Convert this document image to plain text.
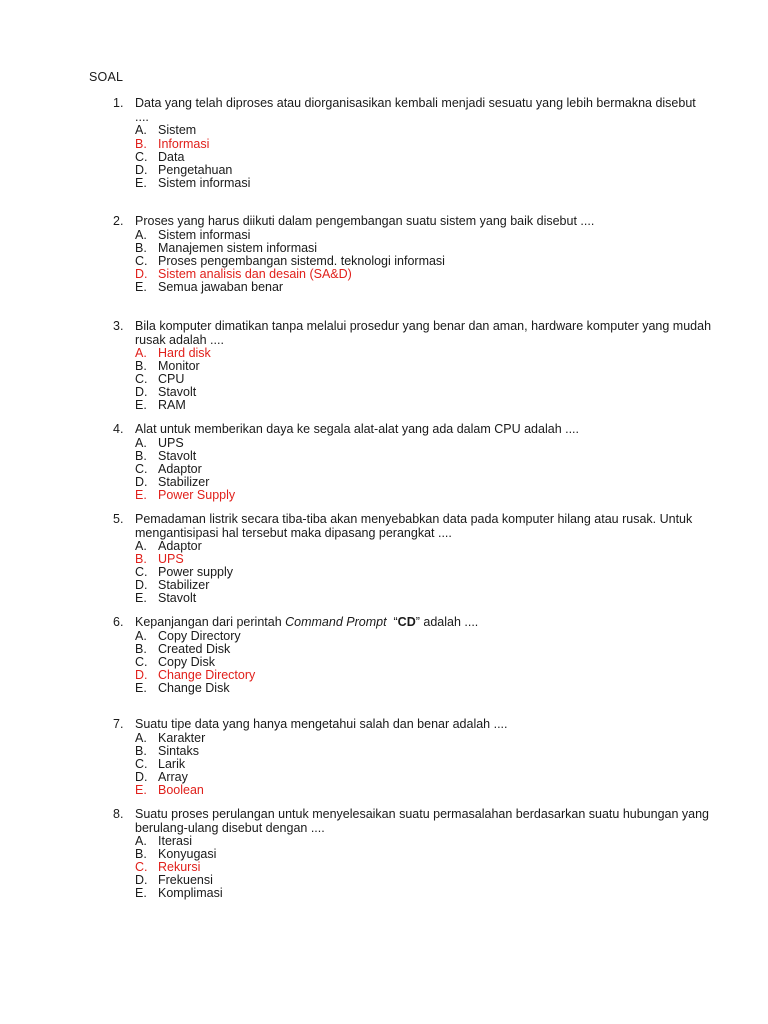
SOAL
1. Data yang telah diproses atau diorganisasikan kembali menjadi sesuatu yang lebih bermakna disebut ....
A. Sistem
B. Informasi
C. Data
D. Pengetahuan
E. Sistem informasi
2. Proses yang harus diikuti dalam pengembangan suatu sistem yang baik disebut ....
A. Sistem informasi
B. Manajemen sistem informasi
C. Proses pengembangan sistemd. teknologi informasi
D. Sistem analisis dan desain (SA&D)
E. Semua jawaban benar
3. Bila komputer dimatikan tanpa melalui prosedur yang benar dan aman, hardware komputer yang mudah rusak adalah ....
A. Hard disk
B. Monitor
C. CPU
D. Stavolt
E. RAM
4. Alat untuk memberikan daya ke segala alat-alat yang ada dalam CPU adalah ....
A. UPS
B. Stavolt
C. Adaptor
D. Stabilizer
E. Power Supply
5. Pemadaman listrik secara tiba-tiba akan menyebabkan data pada komputer hilang atau rusak. Untuk mengantisipasi hal tersebut maka dipasang perangkat ....
A. Adaptor
B. UPS
C. Power supply
D. Stabilizer
E. Stavolt
6. Kepanjangan dari perintah Command Prompt  “CD” adalah ....
A. Copy Directory
B. Created Disk
C. Copy Disk
D. Change Directory
E. Change Disk
7. Suatu tipe data yang hanya mengetahui salah dan benar adalah ....
A. Karakter
B. Sintaks
C. Larik
D. Array
E. Boolean
8. Suatu proses perulangan untuk menyelesaikan suatu permasalahan berdasarkan suatu hubungan yang berulang-ulang disebut dengan ....
A. Iterasi
B. Konyugasi
C. Rekursi
D. Frekuensi
E. Komplimasi
